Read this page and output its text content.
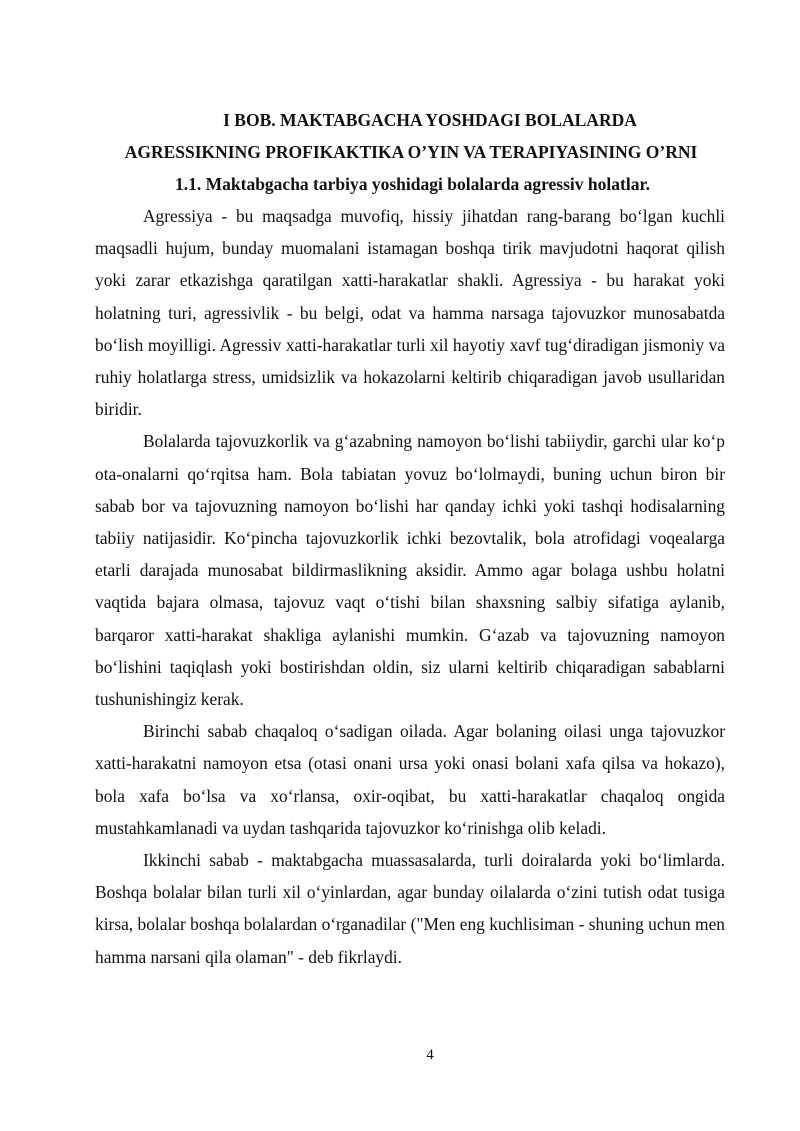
I BOB. MAKTABGACHA YOSHDAGI BOLALARDA

AGRESSIKNING PROFIKAKTIKA O’YIN VA TERAPIYASINING O’RNI

1.1. Maktabgacha tarbiya yoshidagi bolalarda agressiv holatlar.

Agressiya - bu maqsadga muvofiq, hissiy jihatdan rang-barang bo‘lgan kuchli maqsadli hujum, bunday muomalani istamagan boshqa tirik mavjudotni haqorat qilish yoki zarar etkazishga qaratilgan xatti-harakatlar shakli. Agressiya - bu harakat yoki holatning turi, agressivlik - bu belgi, odat va hamma narsaga tajovuzkor munosabatda bo‘lish moyilligi. Agressiv xatti-harakatlar turli xil hayotiy xavf tug‘diradigan jismoniy va ruhiy holatlarga stress, umidsizlik va hokazolarni keltirib chiqaradigan javob usullaridan biridir.

Bolalarda tajovuzkorlik va g‘azabning namoyon bo‘lishi tabiiydir, garchi ular ko‘p ota-onalarni qo‘rqitsa ham. Bola tabiatan yovuz bo‘lolmaydi, buning uchun biron bir sabab bor va tajovuzning namoyon bo‘lishi har qanday ichki yoki tashqi hodisalarning tabiiy natijasidir. Ko‘pincha tajovuzkorlik ichki bezovtalik, bola atrofidagi voqealarga etarli darajada munosabat bildirmaslikning aksidir. Ammo agar bolaga ushbu holatni vaqtida bajara olmasa, tajovuz vaqt o‘tishi bilan shaxsning salbiy sifatiga aylanib, barqaror xatti-harakat shakliga aylanishi mumkin. G‘azab va tajovuzning namoyon bo‘lishini taqiqlash yoki bostirishdan oldin, siz ularni keltirib chiqaradigan sabablarni tushunishingiz kerak.

Birinchi sabab chaqaloq o‘sadigan oilada. Agar bolaning oilasi unga tajovuzkor xatti-harakatni namoyon etsa (otasi onani ursa yoki onasi bolani xafa qilsa va hokazo), bola xafa bo‘lsa va xo‘rlansa, oxir-oqibat, bu xatti-harakatlar chaqaloq ongida mustahkamlanadi va uydan tashqarida tajovuzkor ko‘rinishga olib keladi.

Ikkinchi sabab - maktabgacha muassasalarda, turli doiralarda yoki bo‘limlarda. Boshqa bolalar bilan turli xil o‘yinlardan, agar bunday oilalarda o‘zini tutish odat tusiga kirsa, bolalar boshqa bolalardan o‘rganadilar ("Men eng kuchlisiman - shuning uchun men hamma narsani qila olaman" - deb fikrlaydi.

4
